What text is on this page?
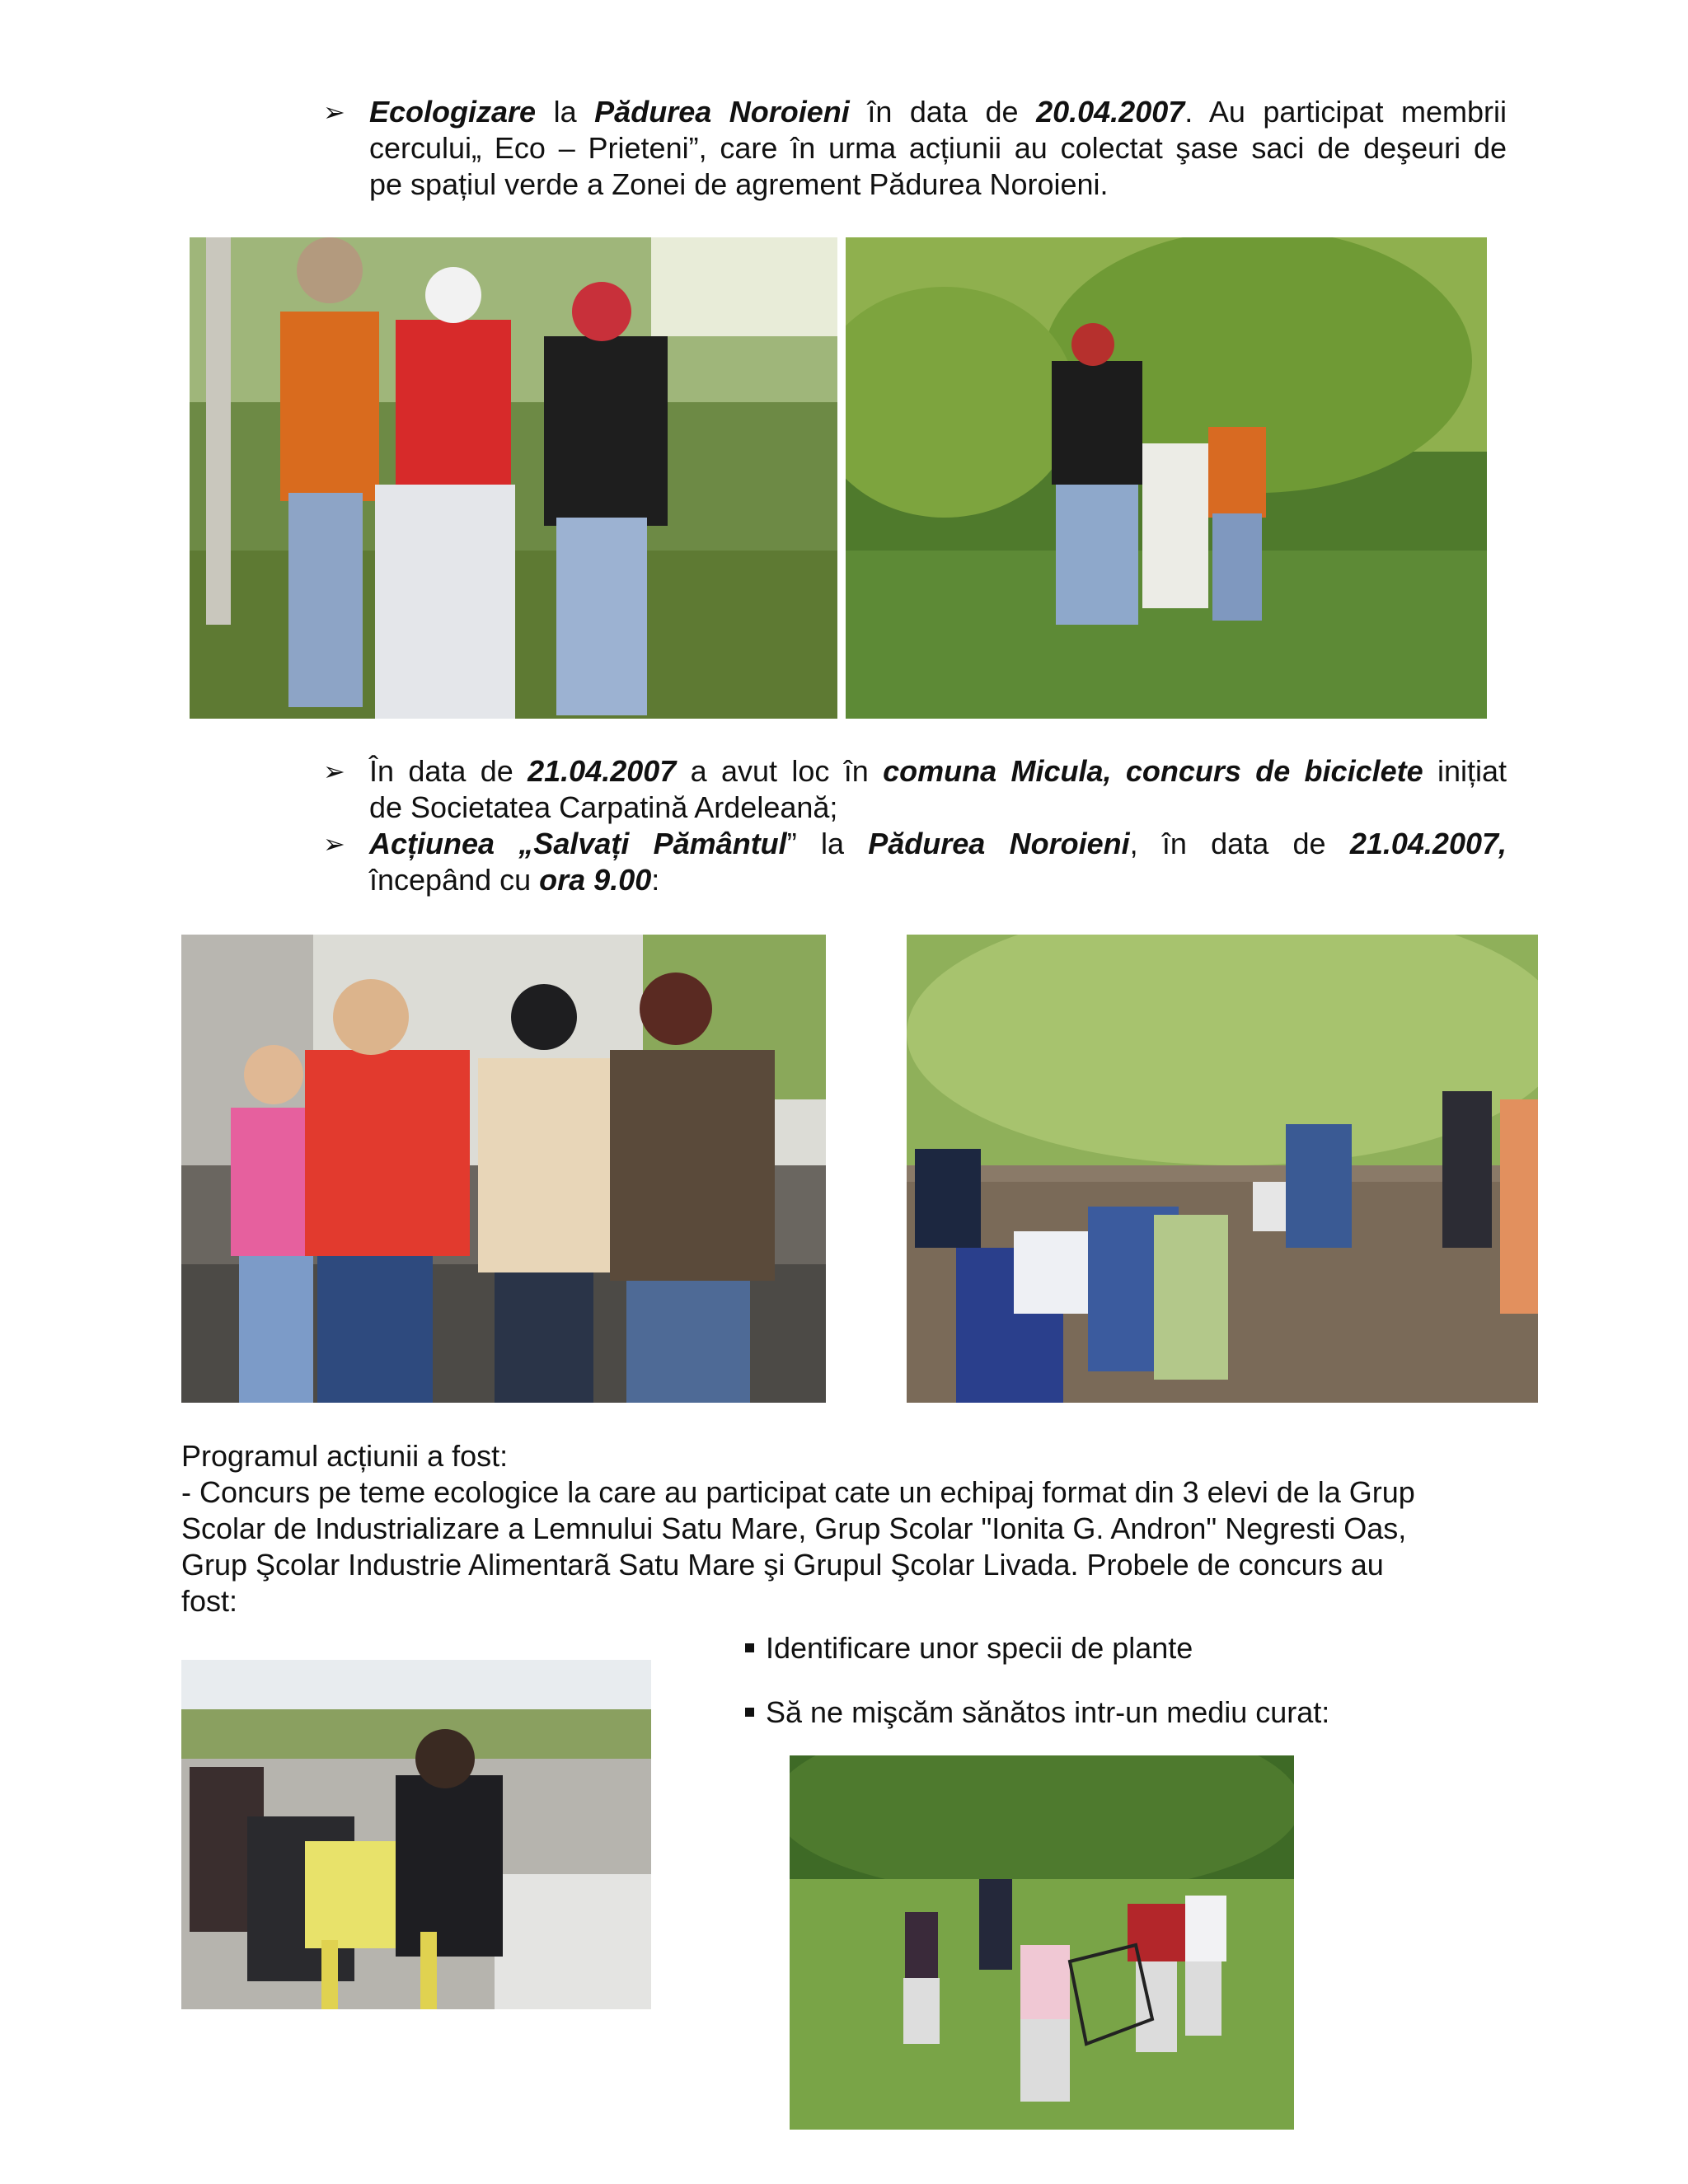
➢ Ecologizare la Pădurea Noroieni în data de 20.04.2007. Au participat membrii
cercului„ Eco – Prieteni”, care în urma acțiunii au colectat şase saci de deşeuri de
pe spațiul verde a Zonei de agrement Pădurea Noroieni.
➢ În data de 21.04.2007 a avut loc în comuna Micula, concurs de biciclete inițiat
de Societatea Carpatină Ardeleană;
➢ Acțiunea „Salvați Pământul” la Pădurea Noroieni, în data de 21.04.2007,
începând cu ora 9.00:
Programul acțiunii a fost:
- Concurs pe teme ecologice la care au participat cate un echipaj format din 3 elevi de la Grup
Scolar de Industrializare a Lemnului Satu Mare, Grup Scolar "Ionita G. Andron" Negresti Oas,
Grup Şcolar Industrie Alimentarã Satu Mare şi Grupul Şcolar Livada. Probele de concurs au
fost:
Identificare unor specii de plante
Să ne mişcăm sănătos intr-un mediu curat:
